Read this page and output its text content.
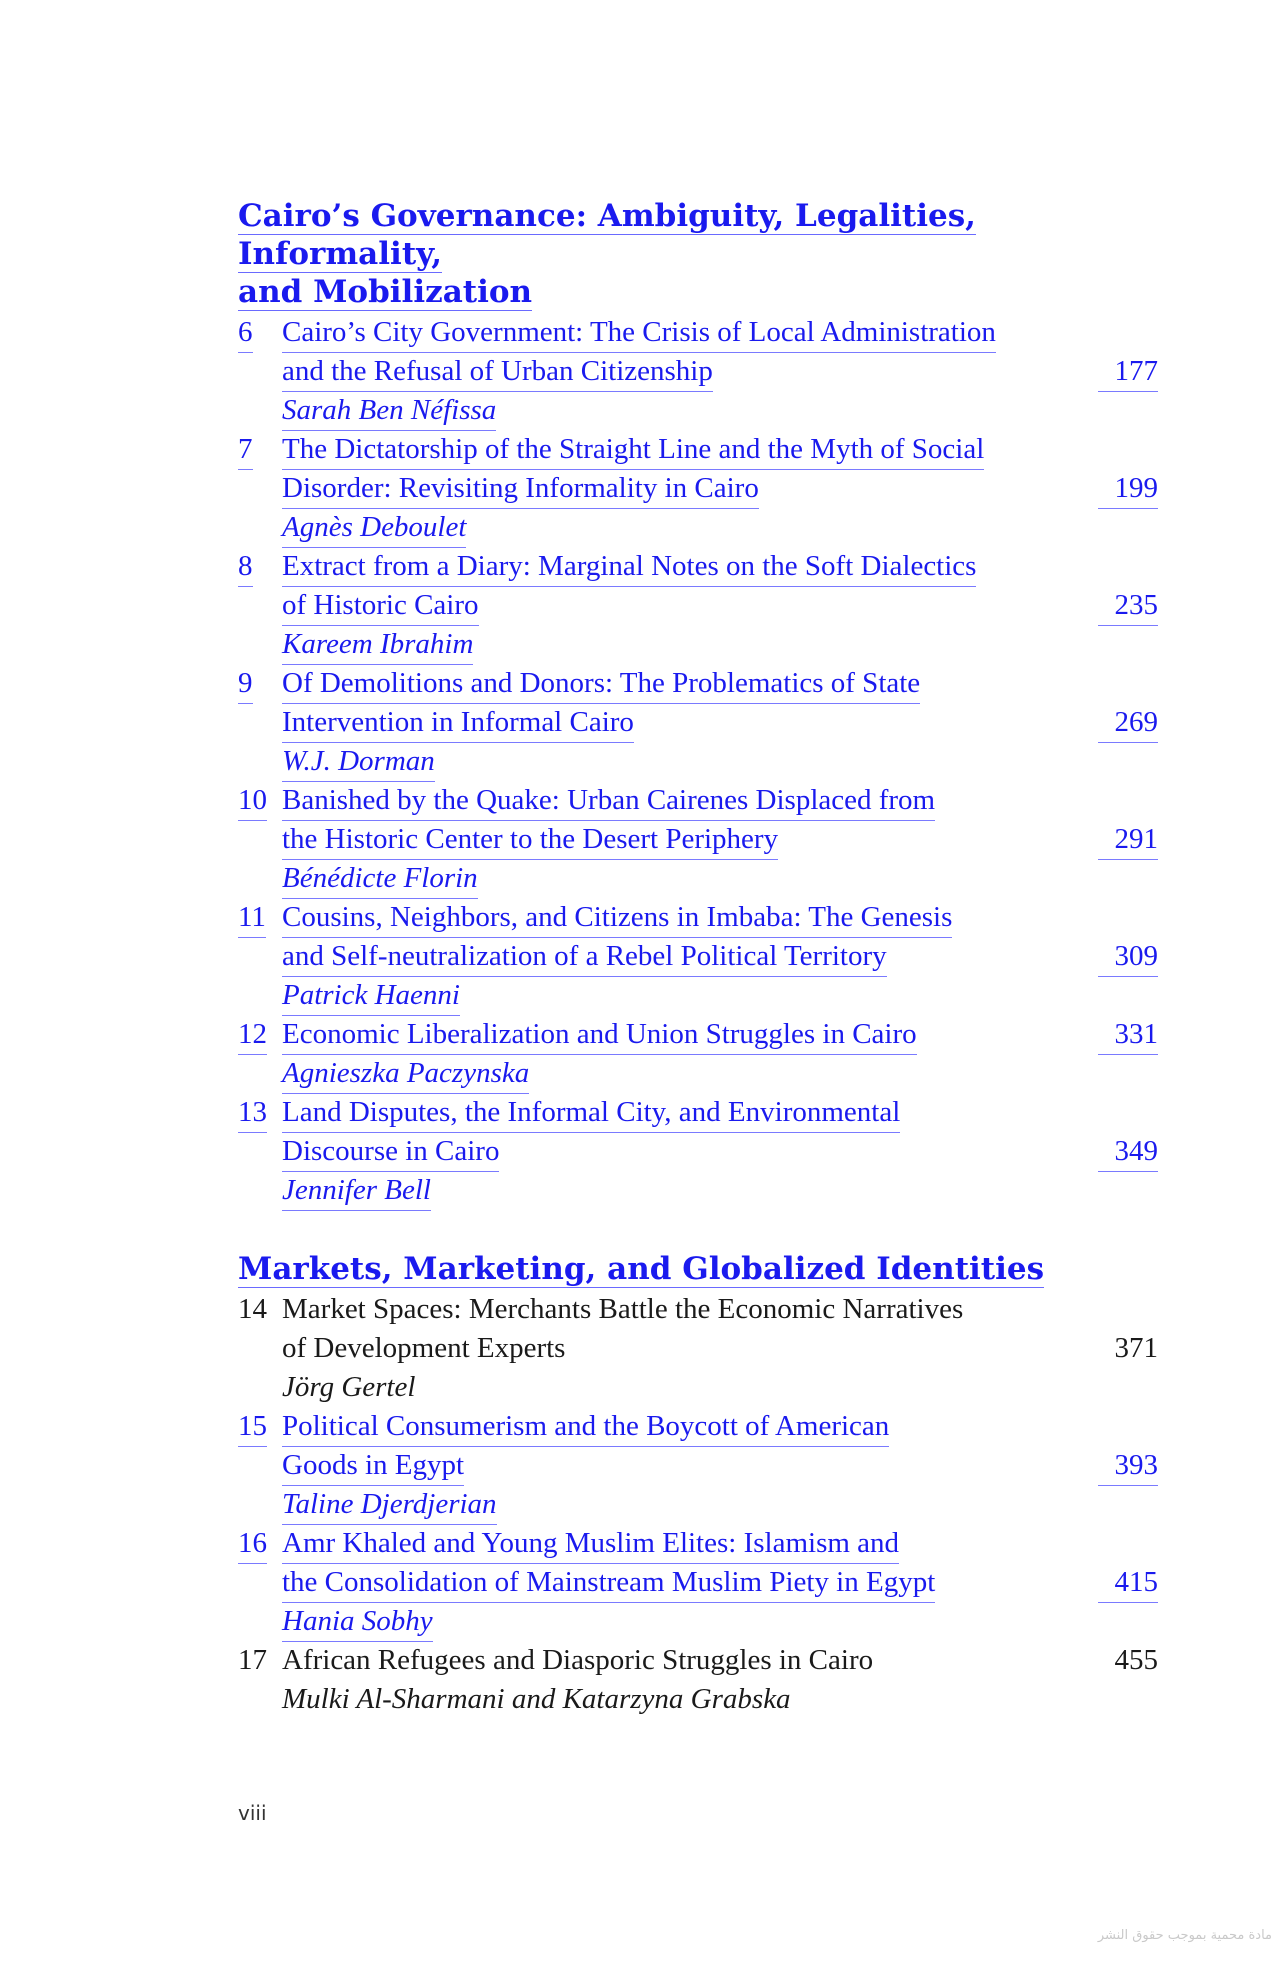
Cairo’s Governance: Ambiguity, Legalities, Informality,
and Mobilization
6 Cairo’s City Government: The Crisis of Local Administration
and the Refusal of Urban Citizenship	177
Sarah Ben Néfissa
7 The Dictatorship of the Straight Line and the Myth of Social
Disorder: Revisiting Informality in Cairo	199
Agnès Deboulet
8 Extract from a Diary: Marginal Notes on the Soft Dialectics
of Historic Cairo	235
Kareem Ibrahim
9 Of Demolitions and Donors: The Problematics of State
Intervention in Informal Cairo	269
W.J. Dorman
10 Banished by the Quake: Urban Cairenes Displaced from
the Historic Center to the Desert Periphery	291
Bénédicte Florin
11 Cousins, Neighbors, and Citizens in Imbaba: The Genesis
and Self-neutralization of a Rebel Political Territory	309
Patrick Haenni
12 Economic Liberalization and Union Struggles in Cairo	331
Agnieszka Paczynska
13 Land Disputes, the Informal City, and Environmental
Discourse in Cairo	349
Jennifer Bell
Markets, Marketing, and Globalized Identities
14 Market Spaces: Merchants Battle the Economic Narratives
of Development Experts	371
Jörg Gertel
15 Political Consumerism and the Boycott of American
Goods in Egypt	393
Taline Djerdjerian
16 Amr Khaled and Young Muslim Elites: Islamism and
the Consolidation of Mainstream Muslim Piety in Egypt	415
Hania Sobhy
17 African Refugees and Diasporic Struggles in Cairo	455
Mulki Al-Sharmani and Katarzyna Grabska
viii
مادة محمية بموجب حقوق النشر
